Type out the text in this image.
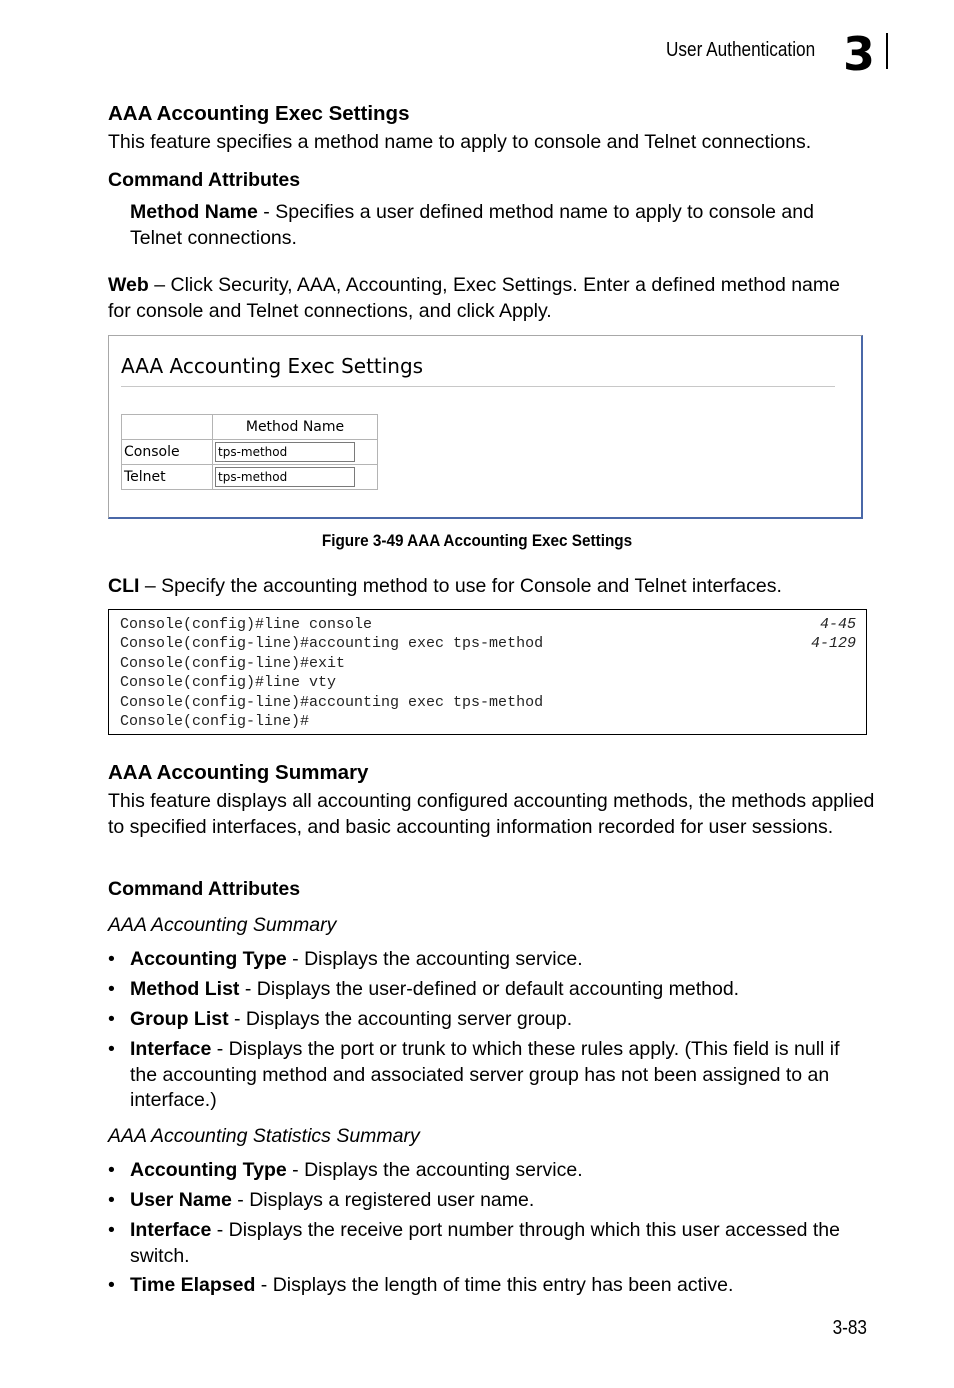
User Authentication 3
AAA Accounting Exec Settings

This feature specifies a method name to apply to console and Telnet connections.

Command Attributes

Method Name - Specifies a user defined method name to apply to console and Telnet connections.

Web – Click Security, AAA, Accounting, Exec Settings. Enter a defined method name for console and Telnet connections, and click Apply.

AAA Accounting Exec Settings
	Method Name
Console	tps-method

Telnet	tps-method
Figure 3-49 AAA Accounting Exec Settings

CLI – Specify the accounting method to use for Console and Telnet interfaces.

Console(config)#line console	4-45
Console(config-line)#accounting exec tps-method	4-129
Console(config-line)#exit
Console(config)#line vty
Console(config-line)#accounting exec tps-method
Console(config-line)#
AAA Accounting Summary

This feature displays all accounting configured accounting methods, the methods applied to specified interfaces, and basic accounting information recorded for user sessions.

Command Attributes
AAA Accounting Summary
• Accounting Type - Displays the accounting service.
• Method List - Displays the user-defined or default accounting method.
• Group List - Displays the accounting server group.
• Interface - Displays the port or trunk to which these rules apply. (This field is null if the accounting method and associated server group has not been assigned to an interface.)
AAA Accounting Statistics Summary
• Accounting Type - Displays the accounting service.
• User Name - Displays a registered user name.
• Interface - Displays the receive port number through which this user accessed the switch.
• Time Elapsed - Displays the length of time this entry has been active.
3-83
